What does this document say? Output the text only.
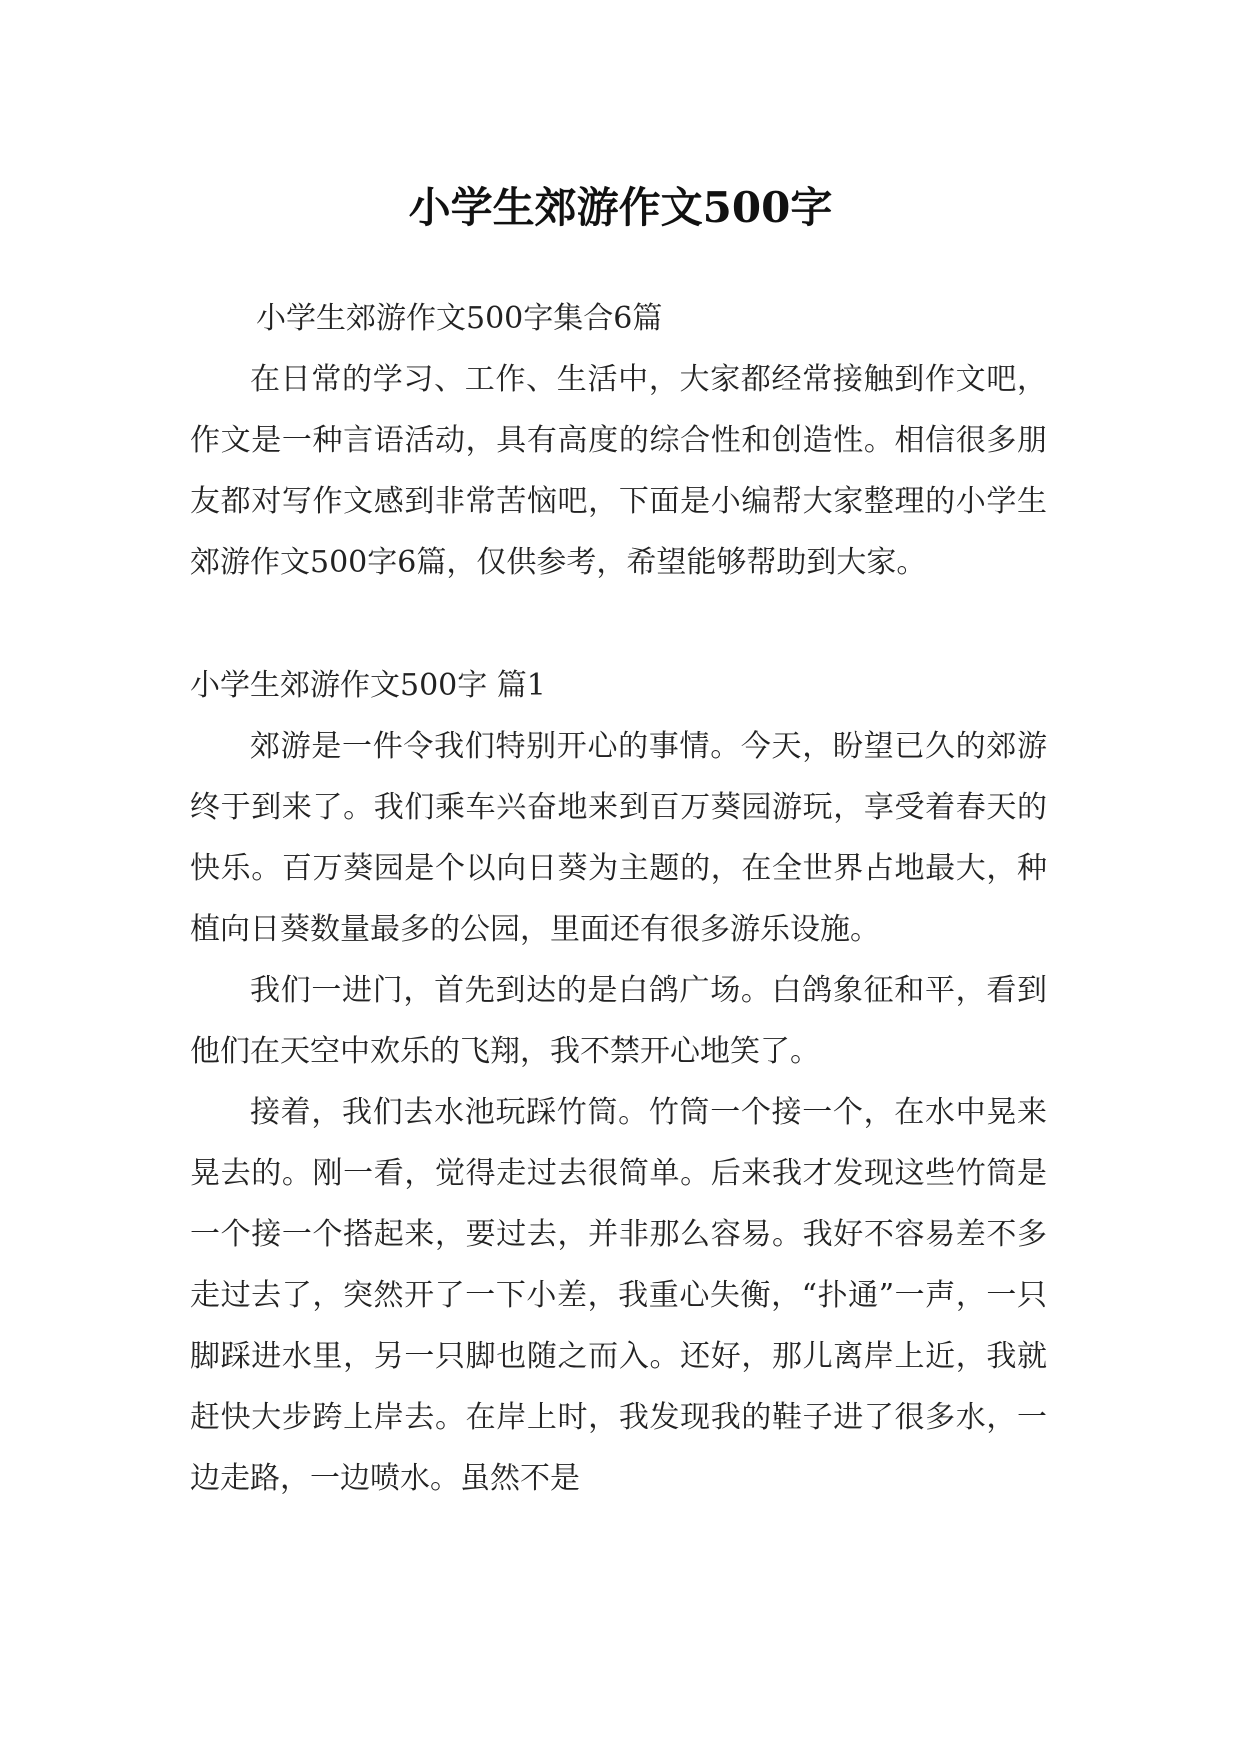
小学生郊游作文500字

小学生郊游作文500字集合6篇

在日常的学习、工作、生活中，大家都经常接触到作文吧，作文是一种言语活动，具有高度的综合性和创造性。相信很多朋友都对写作文感到非常苦恼吧，下面是小编帮大家整理的小学生郊游作文500字6篇，仅供参考，希望能够帮助到大家。

小学生郊游作文500字 篇1

郊游是一件令我们特别开心的事情。今天，盼望已久的郊游终于到来了。我们乘车兴奋地来到百万葵园游玩，享受着春天的快乐。百万葵园是个以向日葵为主题的，在全世界占地最大，种植向日葵数量最多的公园，里面还有很多游乐设施。

我们一进门，首先到达的是白鸽广场。白鸽象征和平，看到他们在天空中欢乐的飞翔，我不禁开心地笑了。

接着，我们去水池玩踩竹筒。竹筒一个接一个，在水中晃来晃去的。刚一看，觉得走过去很简单。后来我才发现这些竹筒是一个接一个搭起来，要过去，并非那么容易。我好不容易差不多走过去了，突然开了一下小差，我重心失衡，“扑通”一声，一只脚踩进水里，另一只脚也随之而入。还好，那儿离岸上近，我就赶快大步跨上岸去。在岸上时，我发现我的鞋子进了很多水，一边走路，一边喷水。虽然不是
